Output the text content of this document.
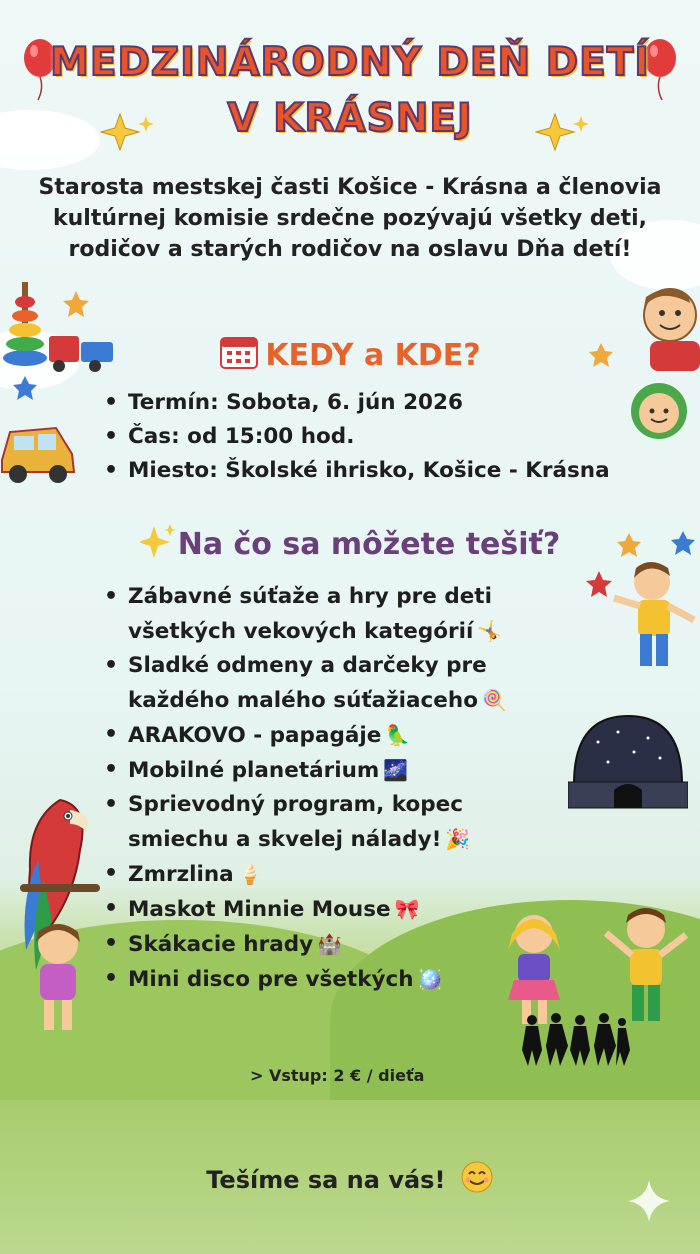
MEDZINÁRODNÝ DEŇ DETÍ
V KRÁSNEJ
Starosta mestskej časti Košice - Krásna a členovia kultúrnej komisie srdečne pozývajú všetky deti, rodičov a starých rodičov na oslavu Dňa detí!
KEDY a KDE?
• Termín: Sobota, 6. jún 2026
• Čas: od 15:00 hod.
• Miesto: Školské ihrisko, Košice - Krásna
Na čo sa môžete tešiť?
• Zábavné súťaže a hry pre deti všetkých vekových kategórií 🤸
• Sladké odmeny a darčeky pre každého malého súťažiaceho 🍭
• ARAKOVO - papagáje 🦜
• Mobilné planetárium 🌌
• Sprievodný program, kopec smiechu a skvelej nálady! 🎉
• Zmrzlina 🍦
• Maskot Minnie Mouse 🎀
• Skákacie hrady 🏰
• Mini disco pre všetkých 🪩
> Vstup: 2 € / dieťa
Tešíme sa na vás!
